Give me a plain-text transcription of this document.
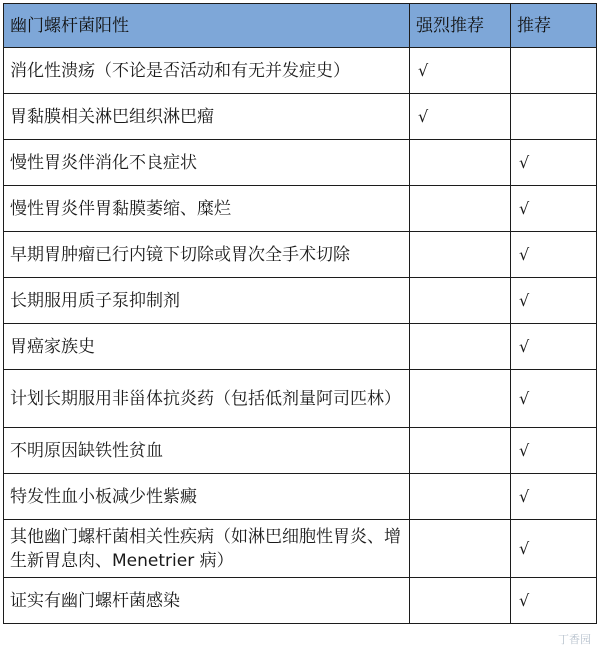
幽门螺杆菌阳性	强烈推荐	推荐
消化性溃疡（不论是否活动和有无并发症史）	√	
胃黏膜相关淋巴组织淋巴瘤	√	
慢性胃炎伴消化不良症状		√
慢性胃炎伴胃黏膜萎缩、糜烂		√
早期胃肿瘤已行内镜下切除或胃次全手术切除		√
长期服用质子泵抑制剂		√
胃癌家族史		√
计划长期服用非甾体抗炎药（包括低剂量阿司匹林）		√
不明原因缺铁性贫血		√
特发性血小板减少性紫癜		√
其他幽门螺杆菌相关性疾病（如淋巴细胞性胃炎、增生新胃息肉、Menetrier 病）		√
证实有幽门螺杆菌感染		√
丁香园
